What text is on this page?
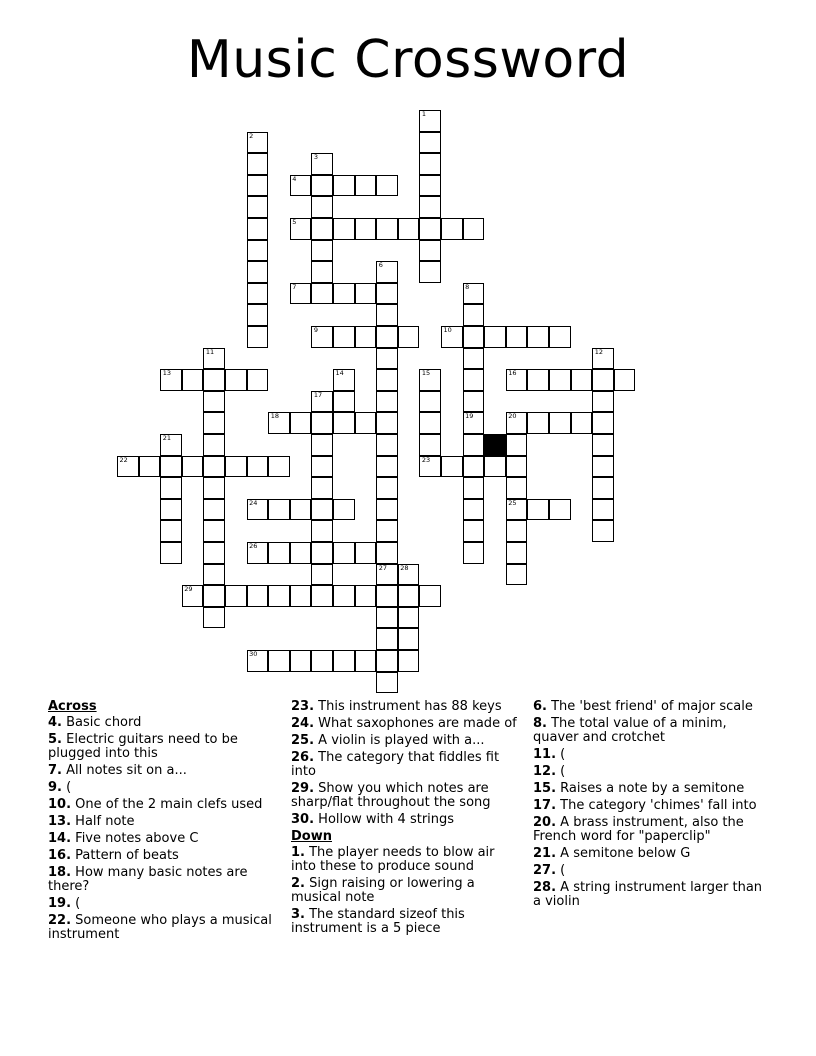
Music Crossword
1
2
3
4
5
6
27
7	8
19
9	10
11	12
13	14	15
23
16
17
18	20
25
21
22
24
26
28
29
30
Across
4. Basic chord
5. Electric guitars need to be plugged into this
7. All notes sit on a...
9. (
10. One of the 2 main clefs used
13. Half note
14. Five notes above C
16. Pattern of beats
18. How many basic notes are there?
19. (
22. Someone who plays a musical instrument
23. This instrument has 88 keys
24. What saxophones are made of
25. A violin is played with a...
26. The category that fiddles fit into
29. Show you which notes are sharp/flat throughout the song
30. Hollow with 4 strings
Down
1. The player needs to blow air into these to produce sound
2. Sign raising or lowering a musical note
3. The standard sizeof this instrument is a 5 piece
6. The 'best friend' of major scale
8. The total value of a minim, quaver and crotchet
11. (
12. (
15. Raises a note by a semitone
17. The category 'chimes' fall into
20. A brass instrument, also the French word for "paperclip"
21. A semitone below G
27. (
28. A string instrument larger than a violin
